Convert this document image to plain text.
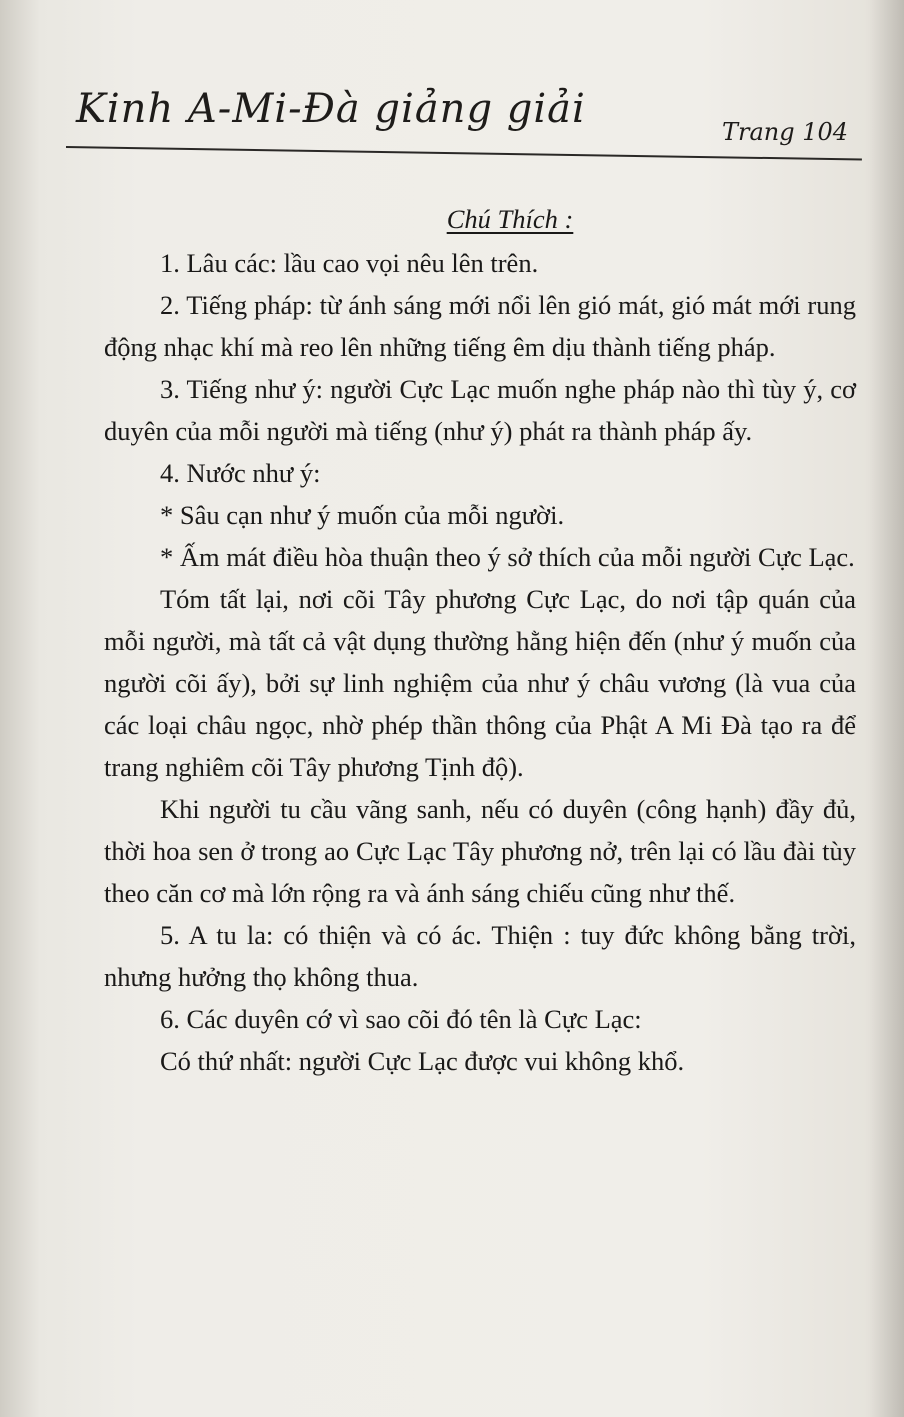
Kinh A-Mi-Đà giảng giải	Trang 104
Chú Thích :

1. Lâu các: lầu cao vọi nêu lên trên.

2. Tiếng pháp: từ ánh sáng mới nổi lên gió mát, gió mát mới rung động nhạc khí mà reo lên những tiếng êm dịu thành tiếng pháp.

3. Tiếng như ý: người Cực Lạc muốn nghe pháp nào thì tùy ý, cơ duyên của mỗi người mà tiếng (như ý) phát ra thành pháp ấy.

4. Nước như ý:

* Sâu cạn như ý muốn của mỗi người.

* Ấm mát điều hòa thuận theo ý sở thích của mỗi người Cực Lạc.

Tóm tất lại, nơi cõi Tây phương Cực Lạc, do nơi tập quán của mỗi người, mà tất cả vật dụng thường hằng hiện đến (như ý muốn của người cõi ấy), bởi sự linh nghiệm của như ý châu vương (là vua của các loại châu ngọc, nhờ phép thần thông của Phật A Mi Đà tạo ra để trang nghiêm cõi Tây phương Tịnh độ).

Khi người tu cầu vãng sanh, nếu có duyên (công hạnh) đầy đủ, thời hoa sen ở trong ao Cực Lạc Tây phương nở, trên lại có lầu đài tùy theo căn cơ mà lớn rộng ra và ánh sáng chiếu cũng như thế.

5. A tu la: có thiện và có ác. Thiện : tuy đức không bằng trời, nhưng hưởng thọ không thua.

6. Các duyên cớ vì sao cõi đó tên là Cực Lạc:

Có thứ nhất: người Cực Lạc được vui không khổ.
